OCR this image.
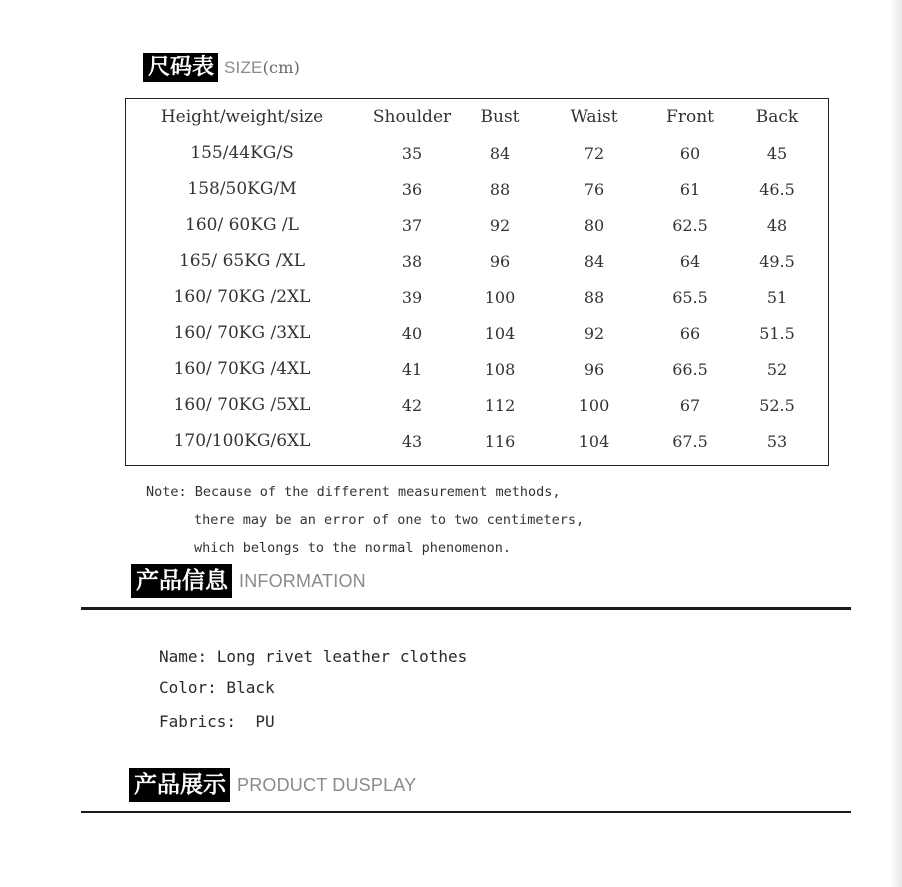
尺码表 SIZE(cm)
Height/weight/size	Shoulder	Bust	Waist	Front	Back
155/44KG/S	35	84	72	60	45
158/50KG/M	36	88	76	61	46.5
160/ 60KG /L	37	92	80	62.5	48
165/ 65KG /XL	38	96	84	64	49.5
160/ 70KG /2XL	39	100	88	65.5	51
160/ 70KG /3XL	40	104	92	66	51.5
160/ 70KG /4XL	41	108	96	66.5	52
160/ 70KG /5XL	42	112	100	67	52.5
170/100KG/6XL	43	116	104	67.5	53
Note: Because of the different measurement methods,
there may be an error of one to two centimeters,
which belongs to the normal phenomenon.
产品信息 INFORMATION
Name: Long rivet leather clothes
Color: Black
Fabrics:  PU
产品展示 PRODUCT DUSPLAY
